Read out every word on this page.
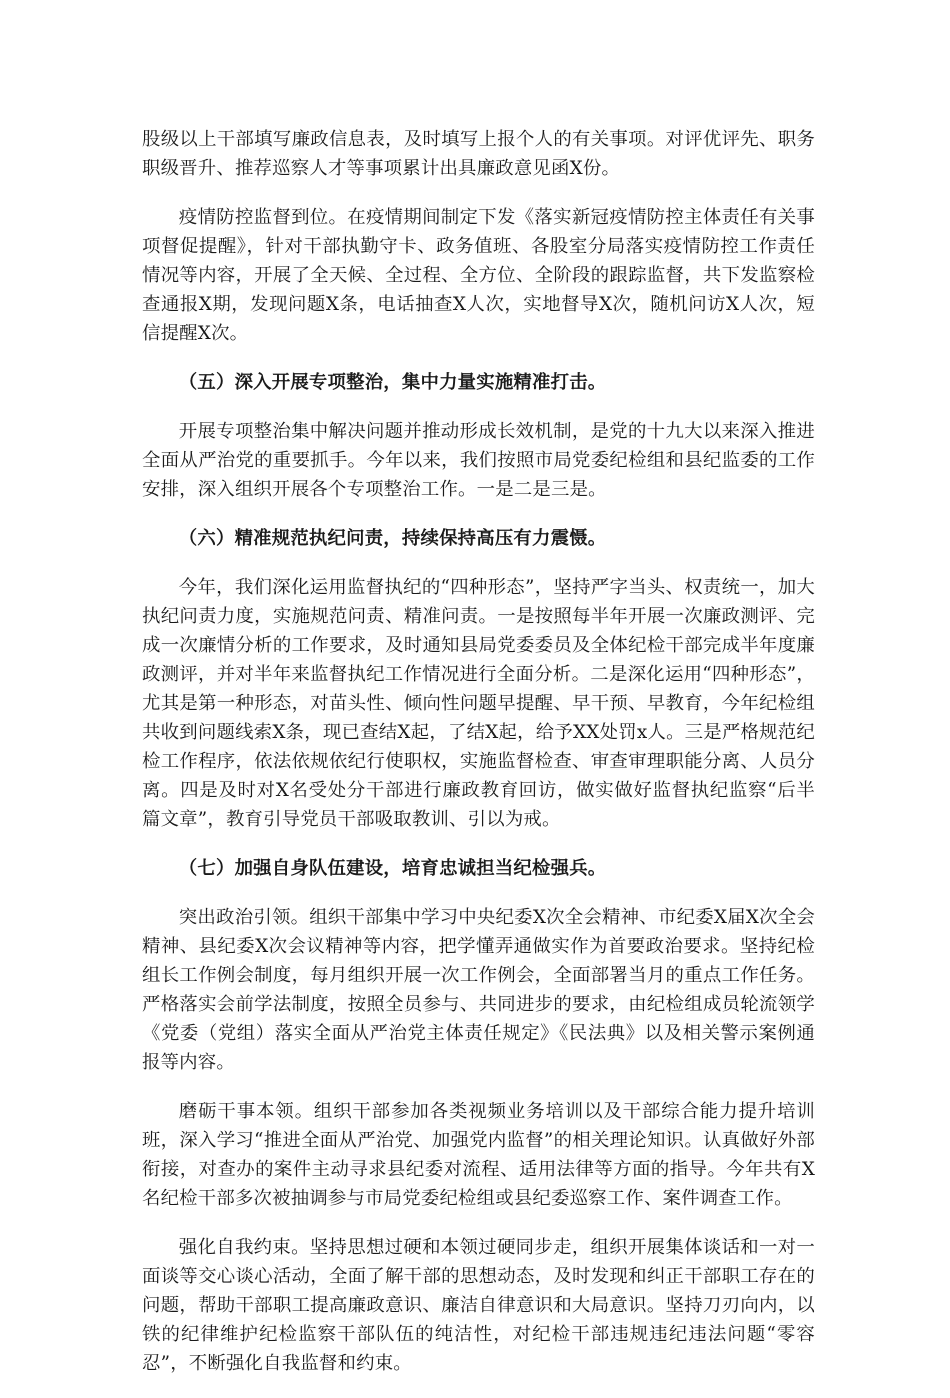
股级以上干部填写廉政信息表，及时填写上报个人的有关事项。对评优评先、职务职级晋升、推荐巡察人才等事项累计出具廉政意见函X份。

疫情防控监督到位。在疫情期间制定下发《落实新冠疫情防控主体责任有关事项督促提醒》，针对干部执勤守卡、政务值班、各股室分局落实疫情防控工作责任情况等内容，开展了全天候、全过程、全方位、全阶段的跟踪监督，共下发监察检查通报X期，发现问题X条，电话抽查X人次，实地督导X次，随机问访X人次，短信提醒X次。

（五）深入开展专项整治，集中力量实施精准打击。

开展专项整治集中解决问题并推动形成长效机制，是党的十九大以来深入推进全面从严治党的重要抓手。今年以来，我们按照市局党委纪检组和县纪监委的工作安排，深入组织开展各个专项整治工作。一是二是三是。

（六）精准规范执纪问责，持续保持高压有力震慑。

今年，我们深化运用监督执纪的“四种形态”，坚持严字当头、权责统一，加大执纪问责力度，实施规范问责、精准问责。一是按照每半年开展一次廉政测评、完成一次廉情分析的工作要求，及时通知县局党委委员及全体纪检干部完成半年度廉政测评，并对半年来监督执纪工作情况进行全面分析。二是深化运用“四种形态”，尤其是第一种形态，对苗头性、倾向性问题早提醒、早干预、早教育，今年纪检组共收到问题线索X条，现已查结X起，了结X起，给予XX处罚x人。三是严格规范纪检工作程序，依法依规依纪行使职权，实施监督检查、审查审理职能分离、人员分离。四是及时对X名受处分干部进行廉政教育回访，做实做好监督执纪监察“后半篇文章”，教育引导党员干部吸取教训、引以为戒。

（七）加强自身队伍建设，培育忠诚担当纪检强兵。

突出政治引领。组织干部集中学习中央纪委X次全会精神、市纪委X届X次全会精神、县纪委X次会议精神等内容，把学懂弄通做实作为首要政治要求。坚持纪检组长工作例会制度，每月组织开展一次工作例会，全面部署当月的重点工作任务。严格落实会前学法制度，按照全员参与、共同进步的要求，由纪检组成员轮流领学《党委（党组）落实全面从严治党主体责任规定》《民法典》以及相关警示案例通报等内容。

磨砺干事本领。组织干部参加各类视频业务培训以及干部综合能力提升培训班，深入学习“推进全面从严治党、加强党内监督”的相关理论知识。认真做好外部衔接，对查办的案件主动寻求县纪委对流程、适用法律等方面的指导。今年共有X名纪检干部多次被抽调参与市局党委纪检组或县纪委巡察工作、案件调查工作。

强化自我约束。坚持思想过硬和本领过硬同步走，组织开展集体谈话和一对一面谈等交心谈心活动，全面了解干部的思想动态，及时发现和纠正干部职工存在的问题，帮助干部职工提高廉政意识、廉洁自律意识和大局意识。坚持刀刃向内，以铁的纪律维护纪检监察干部队伍的纯洁性，对纪检干部违规违纪违法问题“零容忍”，不断强化自我监督和约束。
